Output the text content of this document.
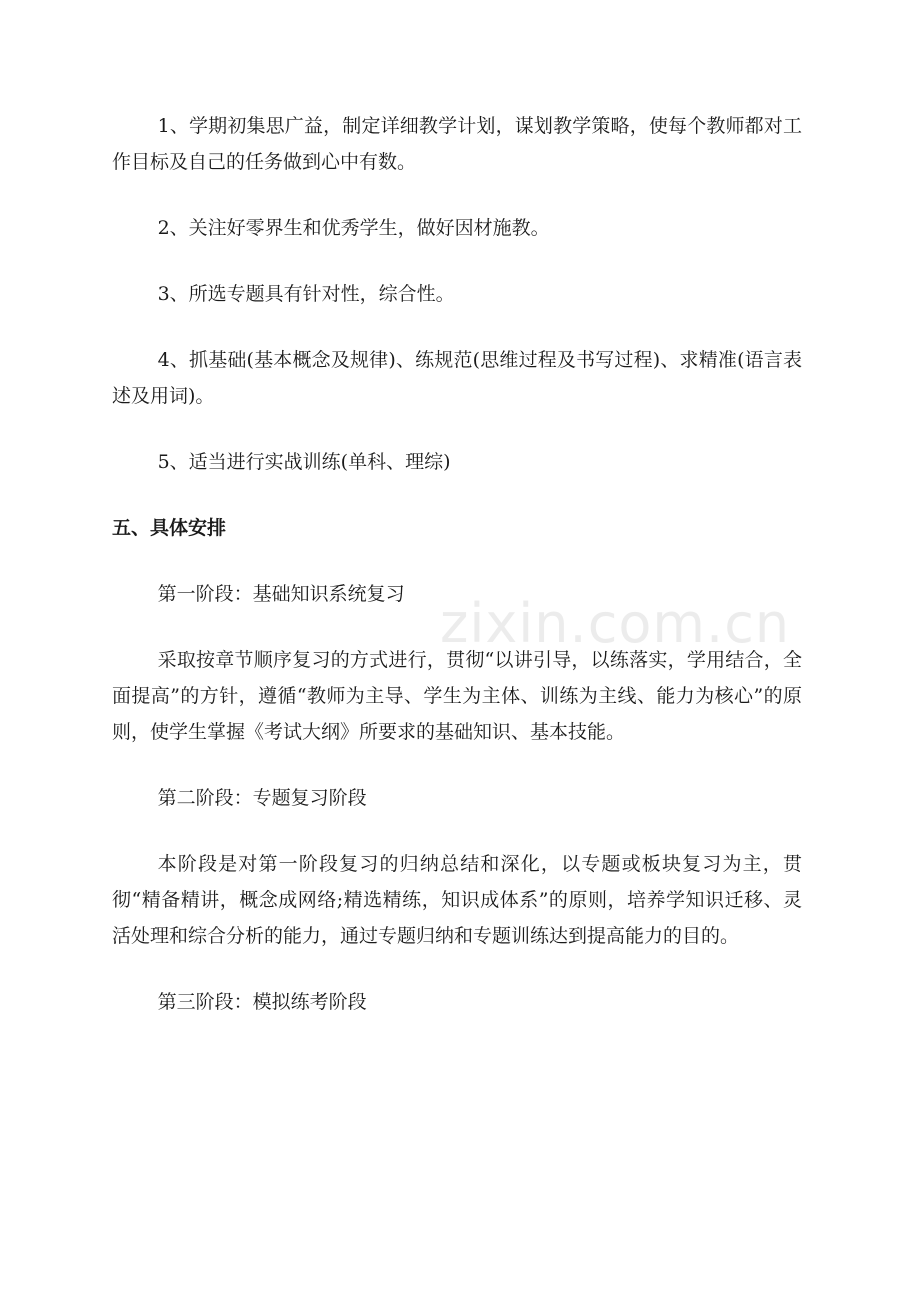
1、学期初集思广益，制定详细教学计划，谋划教学策略，使每个教师都对工作目标及自己的任务做到心中有数。

2、关注好零界生和优秀学生，做好因材施教。

3、所选专题具有针对性，综合性。

4、抓基础(基本概念及规律)、练规范(思维过程及书写过程)、求精准(语言表述及用词)。

5、适当进行实战训练(单科、理综)

五、具体安排

第一阶段：基础知识系统复习

采取按章节顺序复习的方式进行，贯彻“以讲引导，以练落实，学用结合，全面提高”的方针，遵循“教师为主导、学生为主体、训练为主线、能力为核心”的原则，使学生掌握《考试大纲》所要求的基础知识、基本技能。

第二阶段：专题复习阶段

本阶段是对第一阶段复习的归纳总结和深化，以专题或板块复习为主，贯彻“精备精讲，概念成网络;精选精练，知识成体系”的原则，培养学知识迁移、灵活处理和综合分析的能力，通过专题归纳和专题训练达到提高能力的目的。

第三阶段：模拟练考阶段

zixin.com.cn
